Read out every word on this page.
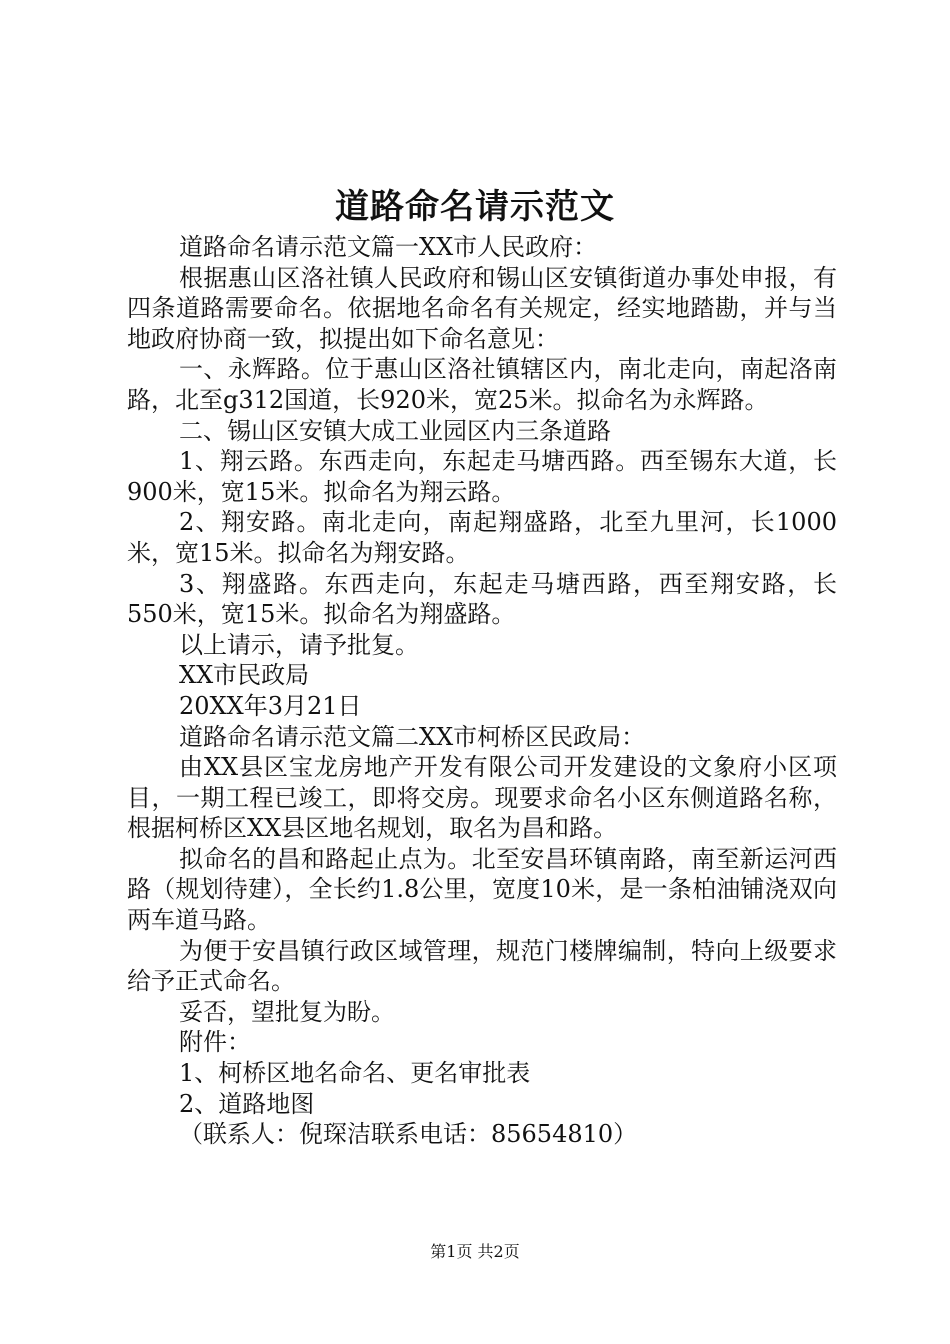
道路命名请示范文

道路命名请示范文篇一XX市人民政府：

根据惠山区洛社镇人民政府和锡山区安镇街道办事处申报，有四条道路需要命名。依据地名命名有关规定，经实地踏勘，并与当地政府协商一致，拟提出如下命名意见：

一、永辉路。位于惠山区洛社镇辖区内，南北走向，南起洛南路，北至g312国道，长920米，宽25米。拟命名为永辉路。

二、锡山区安镇大成工业园区内三条道路

1、翔云路。东西走向，东起走马塘西路。西至锡东大道，长900米，宽15米。拟命名为翔云路。

2、翔安路。南北走向，南起翔盛路，北至九里河，长1000米，宽15米。拟命名为翔安路。

3、翔盛路。东西走向，东起走马塘西路，西至翔安路，长550米，宽15米。拟命名为翔盛路。

以上请示，请予批复。

XX市民政局

20XX年3月21日

道路命名请示范文篇二XX市柯桥区民政局：

由XX县区宝龙房地产开发有限公司开发建设的文象府小区项目，一期工程已竣工，即将交房。现要求命名小区东侧道路名称，根据柯桥区XX县区地名规划，取名为昌和路。

拟命名的昌和路起止点为。北至安昌环镇南路，南至新运河西路（规划待建），全长约1.8公里，宽度10米，是一条柏油铺浇双向两车道马路。

为便于安昌镇行政区域管理，规范门楼牌编制，特向上级要求给予正式命名。

妥否，望批复为盼。

附件：

1、柯桥区地名命名、更名审批表

2、道路地图

（联系人：倪琛洁联系电话：85654810）

第1页 共2页
